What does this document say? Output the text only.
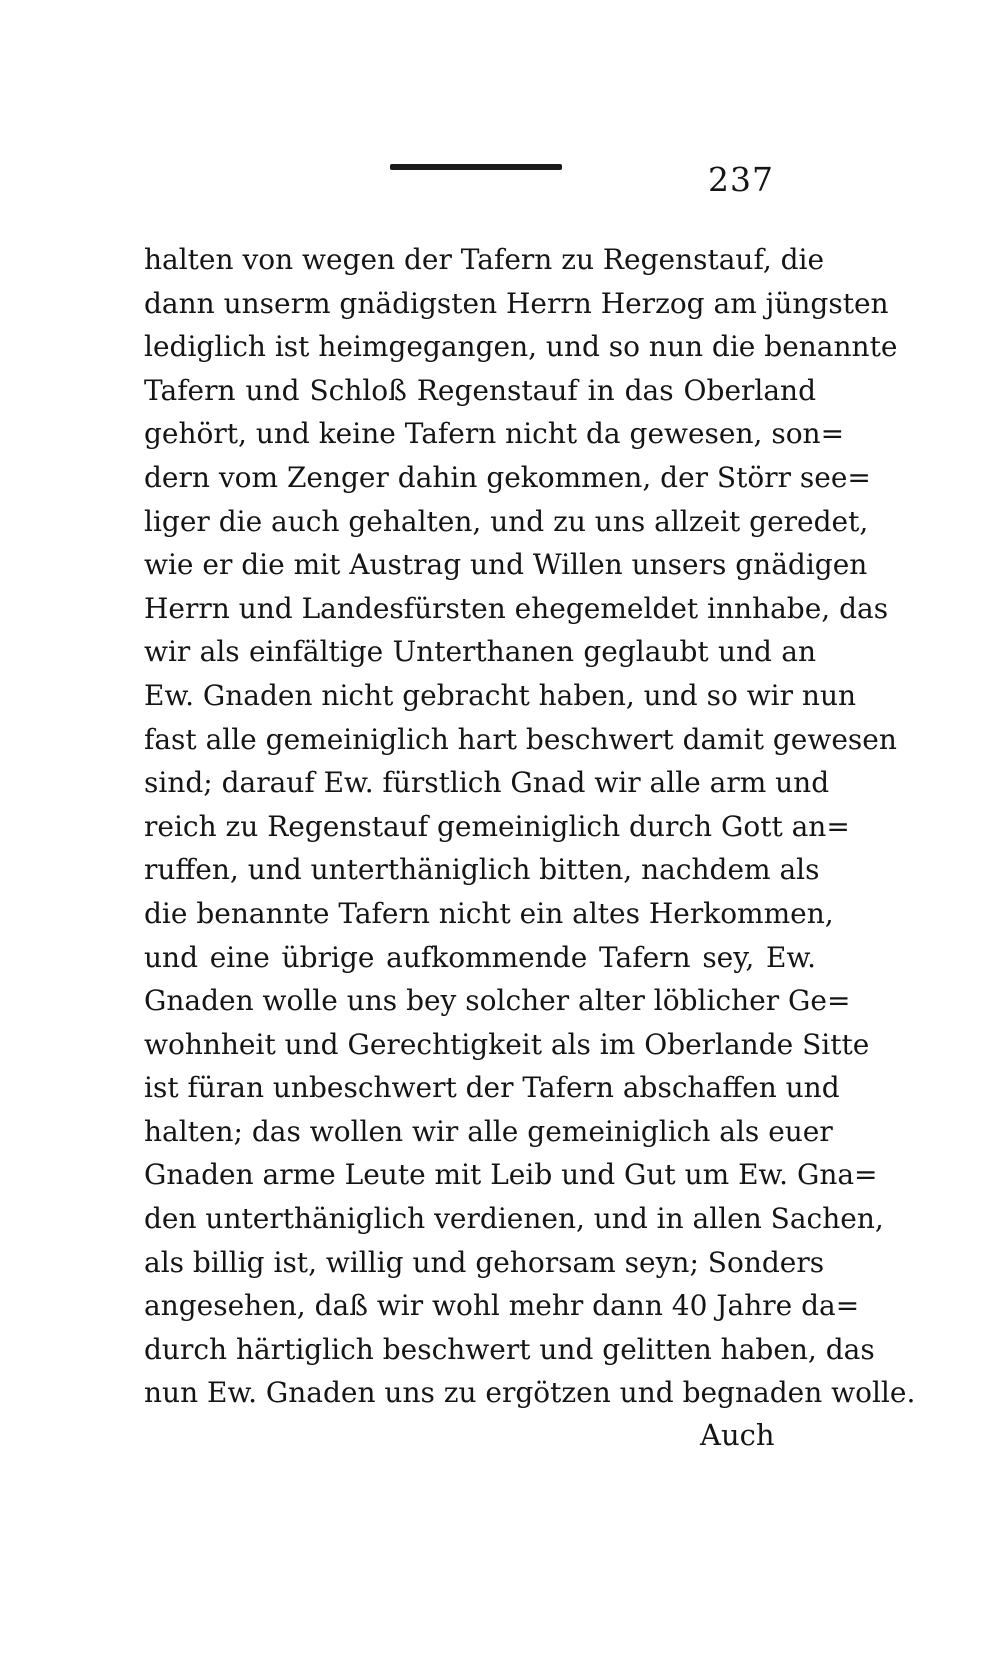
237
halten von wegen der Tafern zu Regenstauf, die
dann unserm gnädigsten Herrn Herzog am jüngsten
lediglich ist heimgegangen, und so nun die benannte
Tafern und Schloß Regenstauf in das Oberland
gehört, und keine Tafern nicht da gewesen, son=
dern vom Zenger dahin gekommen, der Störr see=
liger die auch gehalten, und zu uns allzeit geredet,
wie er die mit Austrag und Willen unsers gnädigen
Herrn und Landesfürsten ehegemeldet innhabe, das
wir als einfältige Unterthanen geglaubt und an
Ew. Gnaden nicht gebracht haben, und so wir nun
fast alle gemeiniglich hart beschwert damit gewesen
sind; darauf Ew. fürstlich Gnad wir alle arm und
reich zu Regenstauf gemeiniglich durch Gott an=
ruffen, und unterthäniglich bitten, nachdem als
die benannte Tafern nicht ein altes Herkommen,
und eine übrige aufkommende Tafern sey, Ew.
Gnaden wolle uns bey solcher alter löblicher Ge=
wohnheit und Gerechtigkeit als im Oberlande Sitte
ist füran unbeschwert der Tafern abschaffen und
halten; das wollen wir alle gemeiniglich als euer
Gnaden arme Leute mit Leib und Gut um Ew. Gna=
den unterthäniglich verdienen, und in allen Sachen,
als billig ist, willig und gehorsam seyn; Sonders
angesehen, daß wir wohl mehr dann 40 Jahre da=
durch härtiglich beschwert und gelitten haben, das
nun Ew. Gnaden uns zu ergötzen und begnaden wolle.
Auch
